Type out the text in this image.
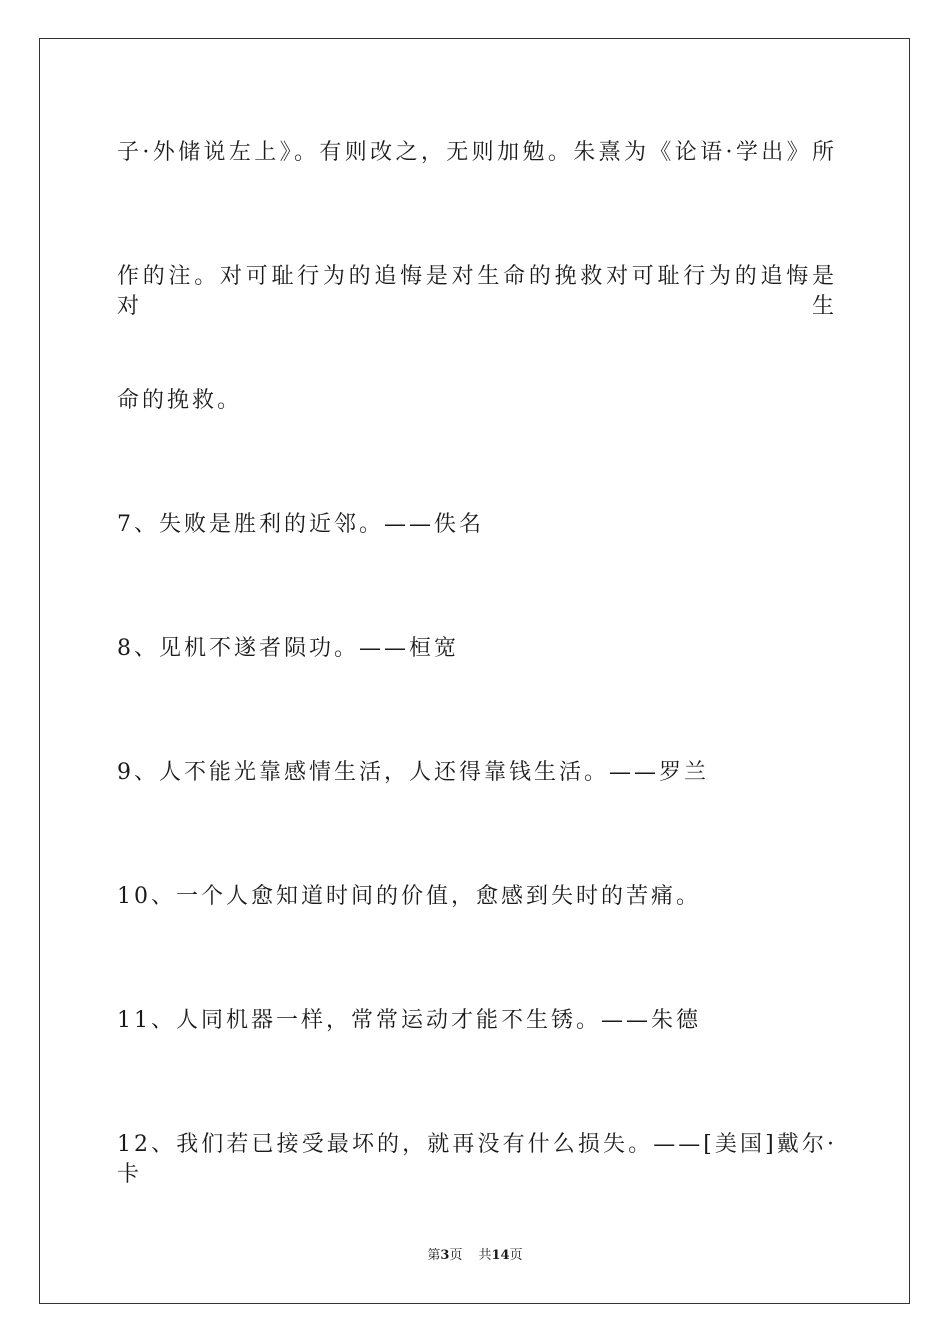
子·外储说左上》。有则改之，无则加勉。朱熹为《论语·学出》所
作的注。对可耻行为的追悔是对生命的挽救对可耻行为的追悔是对生
命的挽救。
7、失败是胜利的近邻。——佚名
8、见机不遂者陨功。——桓宽
9、人不能光靠感情生活，人还得靠钱生活。——罗兰
10、一个人愈知道时间的价值，愈感到失时的苦痛。
11、人同机器一样，常常运动才能不生锈。——朱德
12、我们若已接受最坏的，就再没有什么损失。——[美国]戴尔·卡
第3页 共14页
